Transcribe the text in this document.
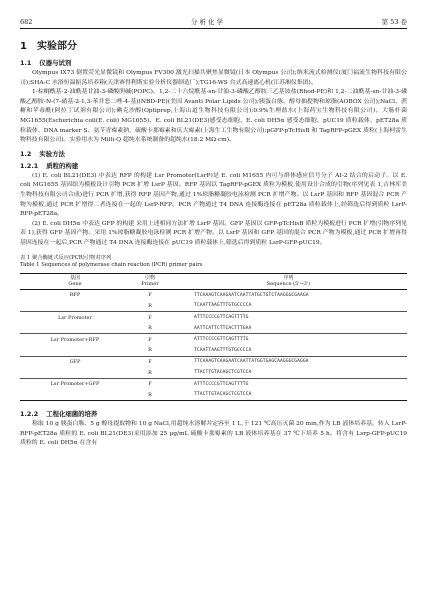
682	分 析 化 学	第 53 卷
1 实验部分
1.1 仪器与试剂

Olympus IX73 倒置荧光显微镜和 Olympus FV300 激光扫描共聚焦显微镜(日本 Olympus 公司);纳米流式检测仪(厦门福流生物科技有限公司);SHA-C 水浴恒温振荡培养箱(天津赛得利斯实验分析仪器制造厂);TG16-WS 台式高速离心机(江苏湘仪集团)。

1-棕榈酰基-2-油酰基甘油-3-磷酸胆碱(POPC)、1,2-二十六烷酰基-sn-甘油-3-磷酸乙醇胺三乙基铵盐(Rhod-PE)和 1,2-二油酰基-sn-甘油-3-磷酸乙醇胺-N-(7-硝基-2-1,3-苯并恶二唑-4-基)(NBD-PE)(美国 Avanti Polar Lipids 公司);胰蛋白胨、醇母抽提物和琼脂(AOBOX 公司);NaCl、蔗糖和苹毒酰(阿拉丁试剂有限公司);碘克沙醇(Optiprep,上海山道生物科技有限公司);0.9%生理盐水(上海药宝生物科技有限公司)。大肠杆菌 MG1655(Escherichia coli(E. coli) MG1655)、E. coli BL21(DE3)感受态细胞、E. coli DH5α 感受态细胞、pUC19 质粒载体、pET28a 质粒载体、DNA marker S、氨苄青霉素钠、硫酸卡那霉素和庆大霉素(上海生工生物有限公司);pGFP-pTcHisB 和 TagRFP-pGEX 质粒(上海柯雷生物科技有限公司)。实验用水为 Milli-Q 超纯水系统制备的超纯水(18.2 MΩ·cm)。

1.2 实验方法
1.2.1 质粒的构建

(1) E. coli BL21(DE3) 中表达 RFP 的构建 Lsr Promoter(LsrP)是 E. coli M1655 内可与群体感应信号分子 AI-2 结合的启动子。以 E. coli MG1655 基因组为模板设计引物 PCR 扩增 LsrP 基因。RFP 基因以 TagRFP-pGEX 质粒为模板,使用设计合成的引物(序列见表 1,吉林库美生物科技有限公司合成)进行 PCR 扩增,获得 RFP 基因产物,通过 1%琼脂糖凝胶电泳检测 PCR 扩增产物。以 LsrP 基因和 RFP 基因混合 PCR 产物为模板,通过 PCR 扩增得二者连接在一起的 LsrP-RFP。PCR 产物通过 T4 DNA 连接酶连接在 pET28a 质粒载体上,经筛选后得到质粒 LsrP-RFP-pET28a。

(2) E. coli DH5α 中表达 GFP 的构建 采用上述相同方法扩增 LsrP 基因。GFP 基因以 GFP-pTcHisB 质粒为模板进行 PCR 扩增(引物序列见表 1),获得 GFP 基因产物。采用 1%琼脂糖凝胶电泳检测 PCR 扩增产物。以 LsrP 基因和 GFP 基因的混合 PCR 产物为模板,通过 PCR 扩增再得基因连接在一起后,PCR 产物通过 T4 DNA 连接酶连接在 pUC19 质粒载体上,筛选后得到质粒 LsrP-GFP-pUC19。

表 1 聚合酶链式反应(PCR)引物对序列
Table 1 Sequences of polymerase chain reaction (PCR) primer pairs
基因	引物	序列
Gene	Primer	Sequence (5'→3')
RFP	F	TTCAAAGTCAAGAATCAATTATGCTGTCTAAGGGCGAAGA
	R	TCAATTAAGTTTGTGCCCCA
Lsr Promoter	F	ATTTCCCCGTTCAGTTTTG
	R	AATTCATTCTTCACTTTGAA
Lsr Promoter+RFP	F	ATTTCCCCGTTCAGTTTTG
	R	TCAATTAAGTTTGTGCCCCA
GFP	F	TTCAAAGTCAAGAATCAATTATGGTGAGCAAGGGCGAGGA
	R	TTACTTGTACAGCTCGTCCA
Lsr Promoter+GFP	F	ATTTCCCCGTTCAGTTTTG
	R	TTACTTGTACAGCTCGTCCA
1.2.2 工程化细菌的培养

称取 10 g 胰蛋白胨、5 g 醇母提取物和 10 g NaCl,用超纯水溶解并定容至 1 L,于 121 ℃高压灭菌 20 min,作为 LB 液体培养基。转入 LsrP-RFP-pET28a 质粒的 E. coli BL21(DE3)采用添加 25 μg/mL 硫酸卡那霉素的 LB 液体培养基在 37 ℃下培养 5 h。将含有 Lsrp-GFP-pUC19 质粒的 E. coli DH5α 在含有
